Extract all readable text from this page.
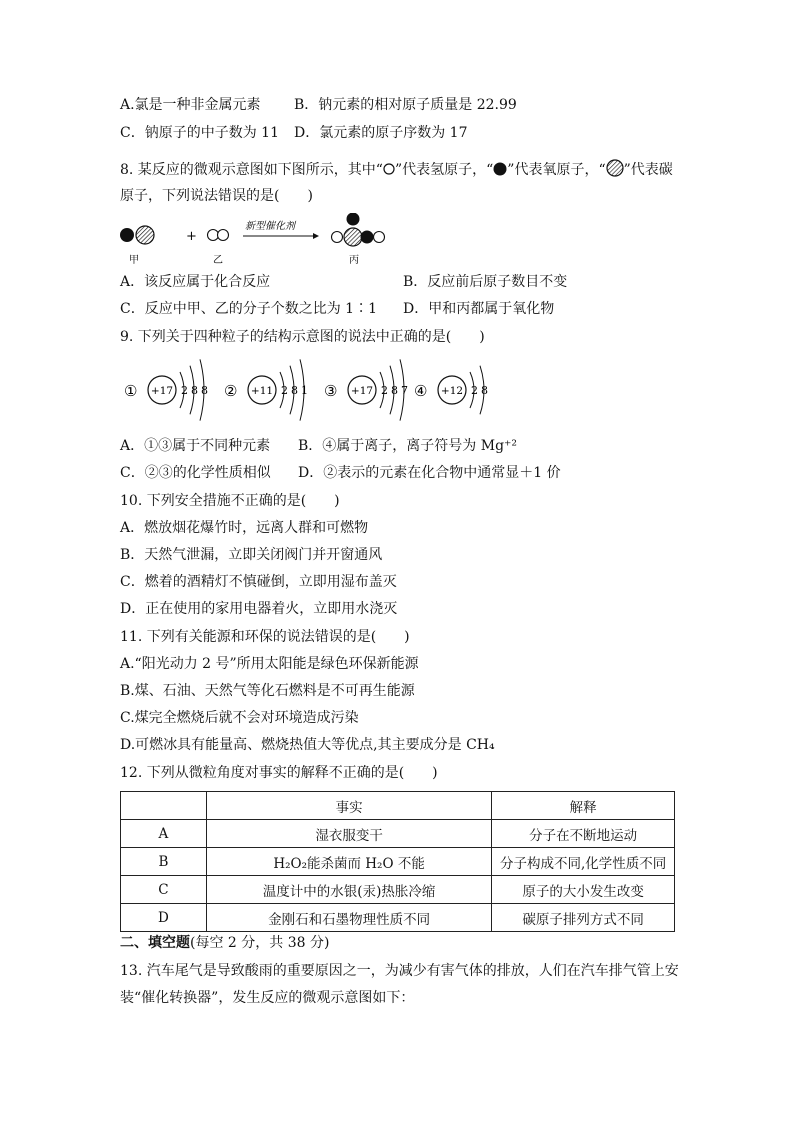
A.氯是一种非金属元素 B．钠元素的相对原子质量是 22.99
C．钠原子的中子数为 11 D．氯元素的原子序数为 17
8. 某反应的微观示意图如下图所示，其中“ ”代表氢原子，“ ”代表氧原子，“ ”代表碳
原子，下列说法错误的是(　　)
+
新型催化剂
甲	乙	丙
A．该反应属于化合反应	B．反应前后原子数目不变
C．反应中甲、乙的分子个数之比为 1∶1 D．甲和丙都属于氧化物
9. 下列关于四种粒子的结构示意图的说法中正确的是(　　)
① +17 2 8 8 ② +11 2 8 1 ③ +17 2 8 7 ④ +12 2 8
A．①③属于不同种元素 B．④属于离子，离子符号为 Mg⁺²
C．②③的化学性质相似 D．②表示的元素在化合物中通常显＋1 价
10. 下列安全措施不正确的是(　　)
A．燃放烟花爆竹时，远离人群和可燃物
B．天然气泄漏，立即关闭阀门并开窗通风
C．燃着的酒精灯不慎碰倒，立即用湿布盖灭
D．正在使用的家用电器着火，立即用水浇灭
11. 下列有关能源和环保的说法错误的是(　　)
A.“阳光动力 2 号”所用太阳能是绿色环保新能源
B.煤、石油、天然气等化石燃料是不可再生能源
C.煤完全燃烧后就不会对环境造成污染
D.可燃冰具有能量高、燃烧热值大等优点,其主要成分是 CH₄
12. 下列从微粒角度对事实的解释不正确的是(　　)
	事实	解释
A	湿衣服变干	分子在不断地运动
B	H₂O₂能杀菌而 H₂O 不能	分子构成不同,化学性质不同
C	温度计中的水银(汞)热胀冷缩	原子的大小发生改变
D	金刚石和石墨物理性质不同	碳原子排列方式不同
二、填空题(每空 2 分，共 38 分)
13. 汽车尾气是导致酸雨的重要原因之一，为减少有害气体的排放，人们在汽车排气管上安
装“催化转换器”，发生反应的微观示意图如下：
